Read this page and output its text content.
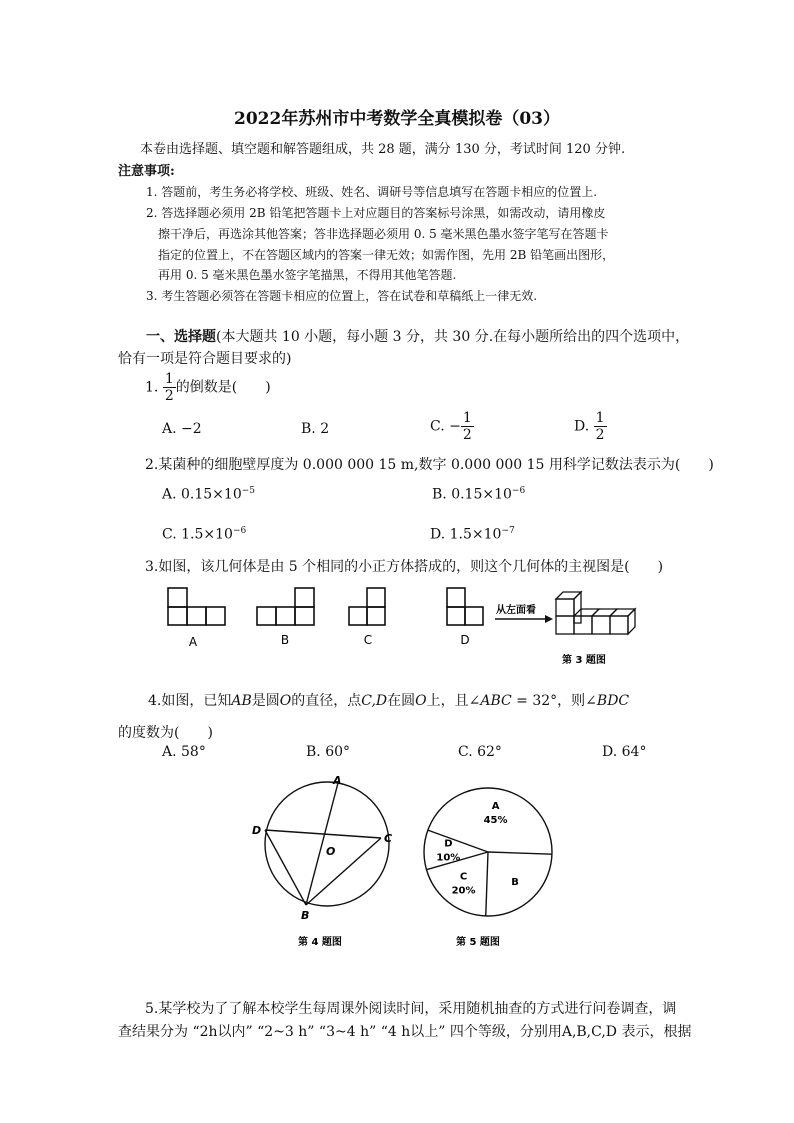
2022年苏州市中考数学全真模拟卷（03）
本卷由选择题、填空题和解答题组成，共 28 题，满分 130 分，考试时间 120 分钟.
注意事项:
1. 答题前，考生务必将学校、班级、姓名、调研号等信息填写在答题卡相应的位置上.
2. 答选择题必须用 2B 铅笔把答题卡上对应题目的答案标号涂黑，如需改动，请用橡皮
擦干净后，再选涂其他答案；答非选择题必须用 0. 5 毫米黑色墨水签字笔写在答题卡
指定的位置上，不在答题区域内的答案一律无效；如需作图，先用 2B 铅笔画出图形，
再用 0. 5 毫米黑色墨水签字笔描黑，不得用其他笔答题.
3. 考生答题必须答在答题卡相应的位置上，答在试卷和草稿纸上一律无效.
一、选择题(本大题共 10 小题，每小题 3 分，共 30 分.在每小题所给出的四个选项中，
恰有一项是符合题目要求的)
1. $\frac{1}{2}$ 的倒数是(　　)
A. −2	B. 2	C. − $\frac{1}{2}$	D. $\frac{1}{2}$
2.某菌种的细胞壁厚度为 0.000 000 15 m,数字 0.000 000 15 用科学记数法表示为(　　)
A. $0.15\times 10^{-5}$	B. $0.15\times 10^{-6}$
C. $1.5\times 10^{-6}$	D. $1.5\times 10^{-7}$
3.如图，该几何体是由 5 个相同的小正方体搭成的，则这个几何体的主视图是(　　)
A	B	C	D
从左面看
第 3 题图
4.如图，已知AB是圆O的直径，点C,D在圆O上，且∠ABC = 32°，则∠BDC
的度数为(　　)
A. 58°	B. 60°	C. 62°	D. 64°
A
D
C
O
B
第 4 题图
A
45%
B
C
20%
D
10%
第 5 题图
5.某学校为了了解本校学生每周课外阅读时间，采用随机抽查的方式进行问卷调查，调
查结果分为 “2h以内” “2~3 h” “3~4 h” “4 h以上” 四个等级，分别用A,B,C,D 表示，根据
